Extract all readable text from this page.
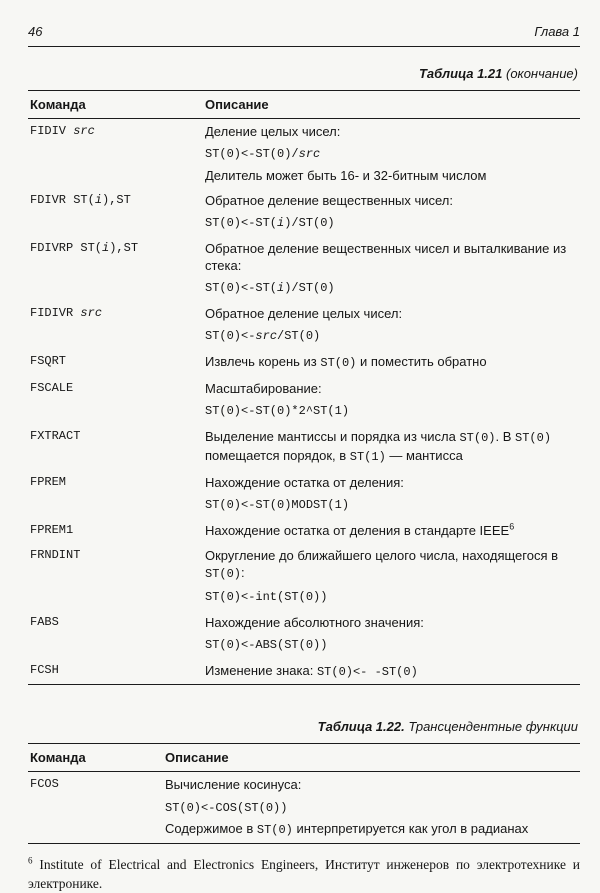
46	Глава 1
Таблица 1.21 (окончание)
Команда	Описание
FIDIV src	Деление целых чисел:
ST(0)<-ST(0)/src
Делитель может быть 16- и 32-битным числом
FDIVR ST(i),ST	Обратное деление вещественных чисел:
ST(0)<-ST(i)/ST(0)
FDIVRP ST(i),ST	Обратное деление вещественных чисел и выталкивание из стека:
ST(0)<-ST(i)/ST(0)
FIDIVR src	Обратное деление целых чисел:
ST(0)<-src/ST(0)
FSQRT	Извлечь корень из ST(0) и поместить обратно
FSCALE	Масштабирование:
ST(0)<-ST(0)*2^ST(1)
FXTRACT	Выделение мантиссы и порядка из числа ST(0). В ST(0) помещается порядок, в ST(1) — мантисса
FPREM	Нахождение остатка от деления:
ST(0)<-ST(0)MODST(1)
FPREM1	Нахождение остатка от деления в стандарте IEEE$^6$
FRNDINT	Округление до ближайшего целого числа, находящегося в ST(0):
ST(0)<-int(ST(0))
FABS	Нахождение абсолютного значения:
ST(0)<-ABS(ST(0))
FCSH	Изменение знака: ST(0)<- -ST(0)
Таблица 1.22. Трансцендентные функции
Команда	Описание
FCOS	Вычисление косинуса:
ST(0)<-COS(ST(0))
Содержимое в ST(0) интерпретируется как угол в радианах
$^6$ Institute of Electrical and Electronics Engineers, Институт инженеров по электротехнике и электронике.
